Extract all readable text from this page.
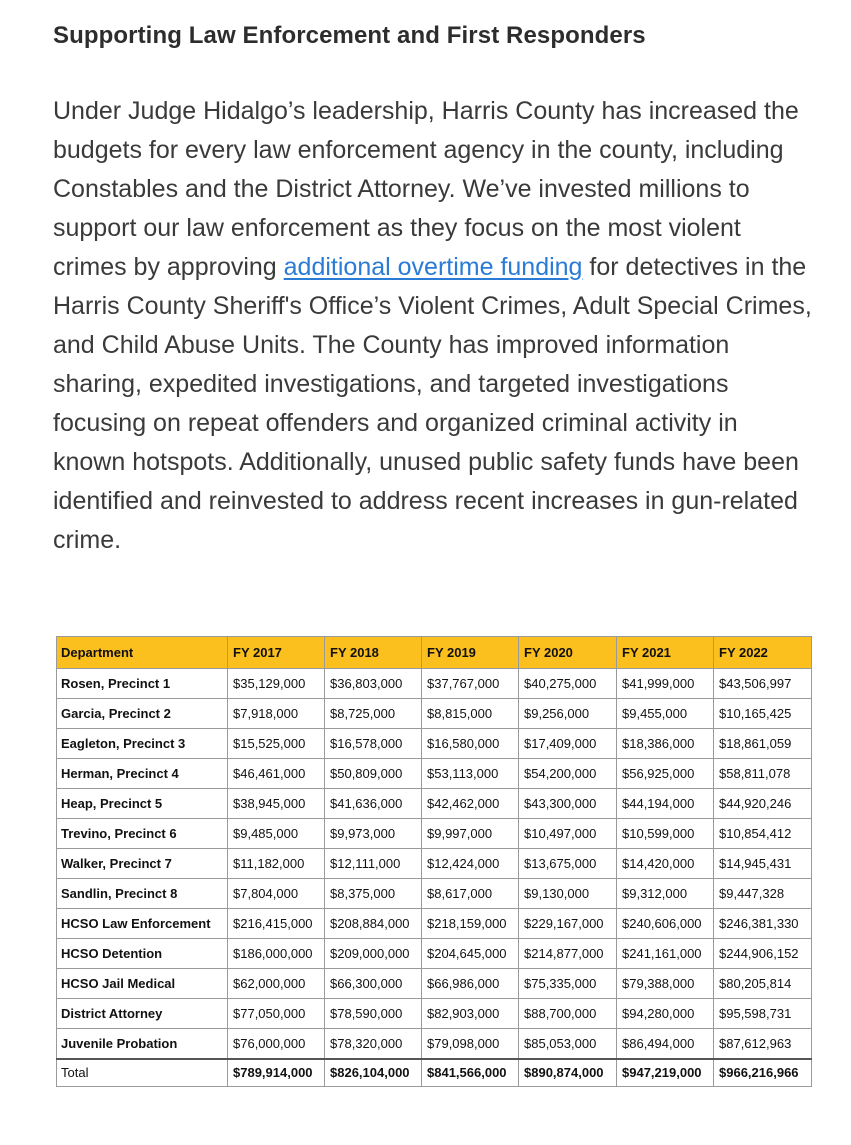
Supporting Law Enforcement and First Responders

Under Judge Hidalgo’s leadership, Harris County has increased the budgets for every law enforcement agency in the county, including Constables and the District Attorney. We’ve invested millions to support our law enforcement as they focus on the most violent crimes by approving additional overtime funding for detectives in the Harris County Sheriff's Office’s Violent Crimes, Adult Special Crimes, and Child Abuse Units. The County has improved information sharing, expedited investigations, and targeted investigations focusing on repeat offenders and organized criminal activity in known hotspots. Additionally, unused public safety funds have been identified and reinvested to address recent increases in gun-related crime.

Department	FY 2017	FY 2018	FY 2019	FY 2020	FY 2021	FY 2022
Rosen, Precinct 1	$35,129,000	$36,803,000	$37,767,000	$40,275,000	$41,999,000	$43,506,997
Garcia, Precinct 2	$7,918,000	$8,725,000	$8,815,000	$9,256,000	$9,455,000	$10,165,425
Eagleton, Precinct 3	$15,525,000	$16,578,000	$16,580,000	$17,409,000	$18,386,000	$18,861,059
Herman, Precinct 4	$46,461,000	$50,809,000	$53,113,000	$54,200,000	$56,925,000	$58,811,078
Heap, Precinct 5	$38,945,000	$41,636,000	$42,462,000	$43,300,000	$44,194,000	$44,920,246
Trevino, Precinct 6	$9,485,000	$9,973,000	$9,997,000	$10,497,000	$10,599,000	$10,854,412
Walker, Precinct 7	$11,182,000	$12,111,000	$12,424,000	$13,675,000	$14,420,000	$14,945,431
Sandlin, Precinct 8	$7,804,000	$8,375,000	$8,617,000	$9,130,000	$9,312,000	$9,447,328
HCSO Law Enforcement	$216,415,000	$208,884,000	$218,159,000	$229,167,000	$240,606,000	$246,381,330
HCSO Detention	$186,000,000	$209,000,000	$204,645,000	$214,877,000	$241,161,000	$244,906,152
HCSO Jail Medical	$62,000,000	$66,300,000	$66,986,000	$75,335,000	$79,388,000	$80,205,814
District Attorney	$77,050,000	$78,590,000	$82,903,000	$88,700,000	$94,280,000	$95,598,731
Juvenile Probation	$76,000,000	$78,320,000	$79,098,000	$85,053,000	$86,494,000	$87,612,963
Total	$789,914,000	$826,104,000	$841,566,000	$890,874,000	$947,219,000	$966,216,966
